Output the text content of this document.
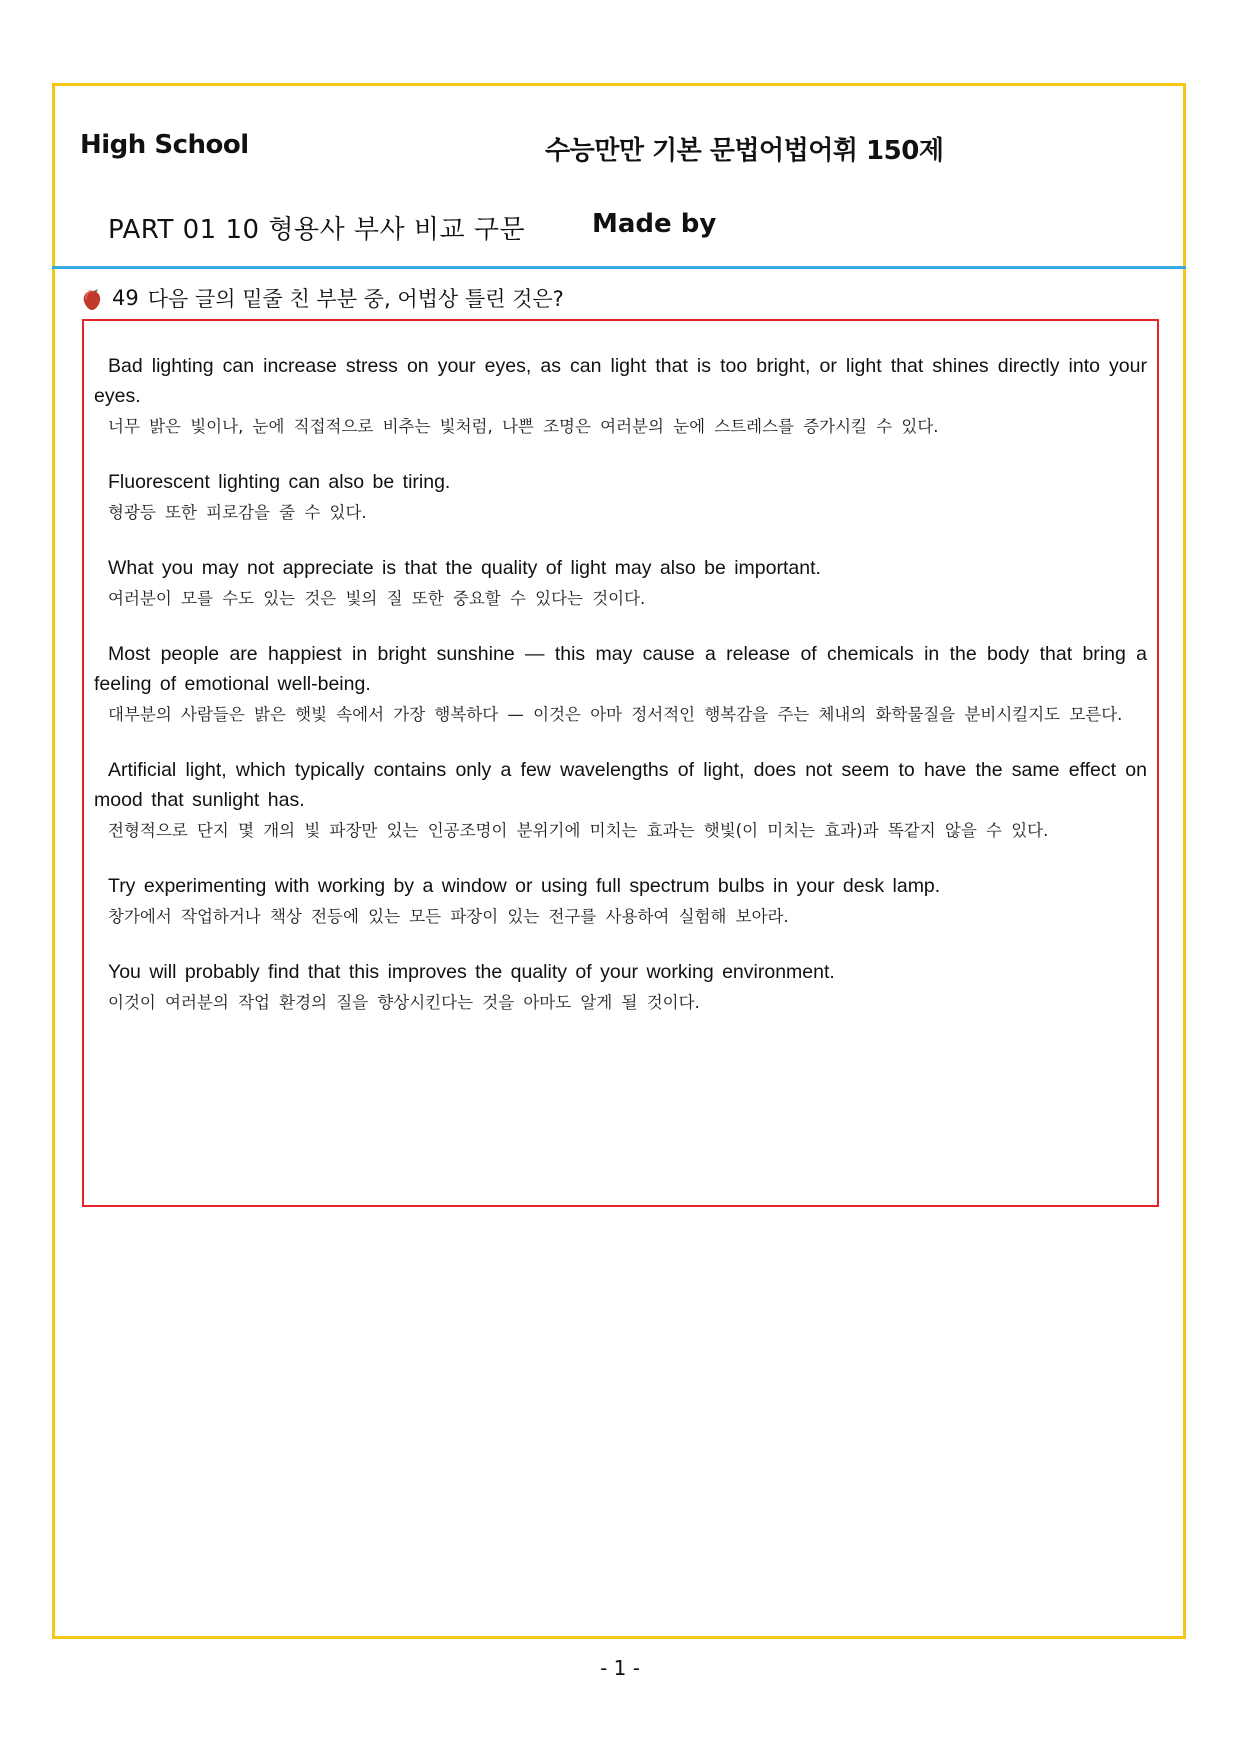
High School	수능만만 기본 문법어법어휘 150제
PART 01 10 형용사 부사 비교 구문	Made by
49 다음 글의 밑줄 친 부분 중, 어법상 틀린 것은?

Bad lighting can increase stress on your eyes, as can light that is too bright, or light that shines directly into your eyes.

너무 밝은 빛이나, 눈에 직접적으로 비추는 빛처럼, 나쁜 조명은 여러분의 눈에 스트레스를 증가시킬 수 있다.

Fluorescent lighting can also be tiring.

형광등 또한 피로감을 줄 수 있다.

What you may not appreciate is that the quality of light may also be important.

여러분이 모를 수도 있는 것은 빛의 질 또한 중요할 수 있다는 것이다.

Most people are happiest in bright sunshine — this may cause a release of chemicals in the body that bring a feeling of emotional well-being.

대부분의 사람들은 밝은 햇빛 속에서 가장 행복하다 — 이것은 아마 정서적인 행복감을 주는 체내의 화학물질을 분비시킬지도 모른다.

Artificial light, which typically contains only a few wavelengths of light, does not seem to have the same effect on mood that sunlight has.

전형적으로 단지 몇 개의 빛 파장만 있는 인공조명이 분위기에 미치는 효과는 햇빛(이 미치는 효과)과 똑같지 않을 수 있다.

Try experimenting with working by a window or using full spectrum bulbs in your desk lamp.

창가에서 작업하거나 책상 전등에 있는 모든 파장이 있는 전구를 사용하여 실험해 보아라.

You will probably find that this improves the quality of your working environment.

이것이 여러분의 작업 환경의 질을 향상시킨다는 것을 아마도 알게 될 것이다.

- 1 -
